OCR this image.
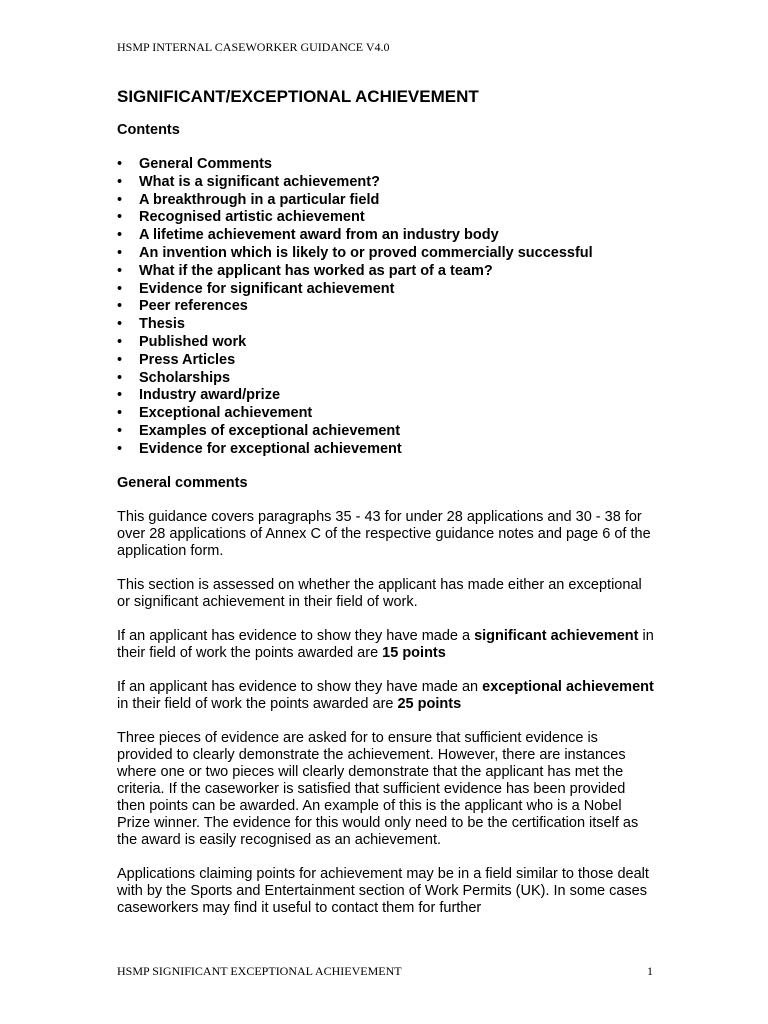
HSMP INTERNAL CASEWORKER GUIDANCE V4.0
SIGNIFICANT/EXCEPTIONAL ACHIEVEMENT
Contents
• General Comments
• What is a significant achievement?
• A breakthrough in a particular field
• Recognised artistic achievement
• A lifetime achievement award from an industry body
• An invention which is likely to or proved commercially successful
• What if the applicant has worked as part of a team?
• Evidence for significant achievement
• Peer references
• Thesis
• Published work
• Press Articles
• Scholarships
• Industry award/prize
• Exceptional achievement
• Examples of exceptional achievement
• Evidence for exceptional achievement
General comments

This guidance covers paragraphs 35 - 43 for under 28 applications and 30 - 38 for over 28 applications of Annex C of the respective guidance notes and page 6 of the application form.

This section is assessed on whether the applicant has made either an exceptional or significant achievement in their field of work.

If an applicant has evidence to show they have made a significant achievement in their field of work the points awarded are 15 points

If an applicant has evidence to show they have made an exceptional achievement in their field of work the points awarded are 25 points

Three pieces of evidence are asked for to ensure that sufficient evidence is provided to clearly demonstrate the achievement. However, there are instances where one or two pieces will clearly demonstrate that the applicant has met the criteria. If the caseworker is satisfied that sufficient evidence has been provided then points can be awarded. An example of this is the applicant who is a Nobel Prize winner. The evidence for this would only need to be the certification itself as the award is easily recognised as an achievement.

Applications claiming points for achievement may be in a field similar to those dealt with by the Sports and Entertainment section of Work Permits (UK). In some cases caseworkers may find it useful to contact them for further

HSMP SIGNIFICANT EXCEPTIONAL ACHIEVEMENT	1
